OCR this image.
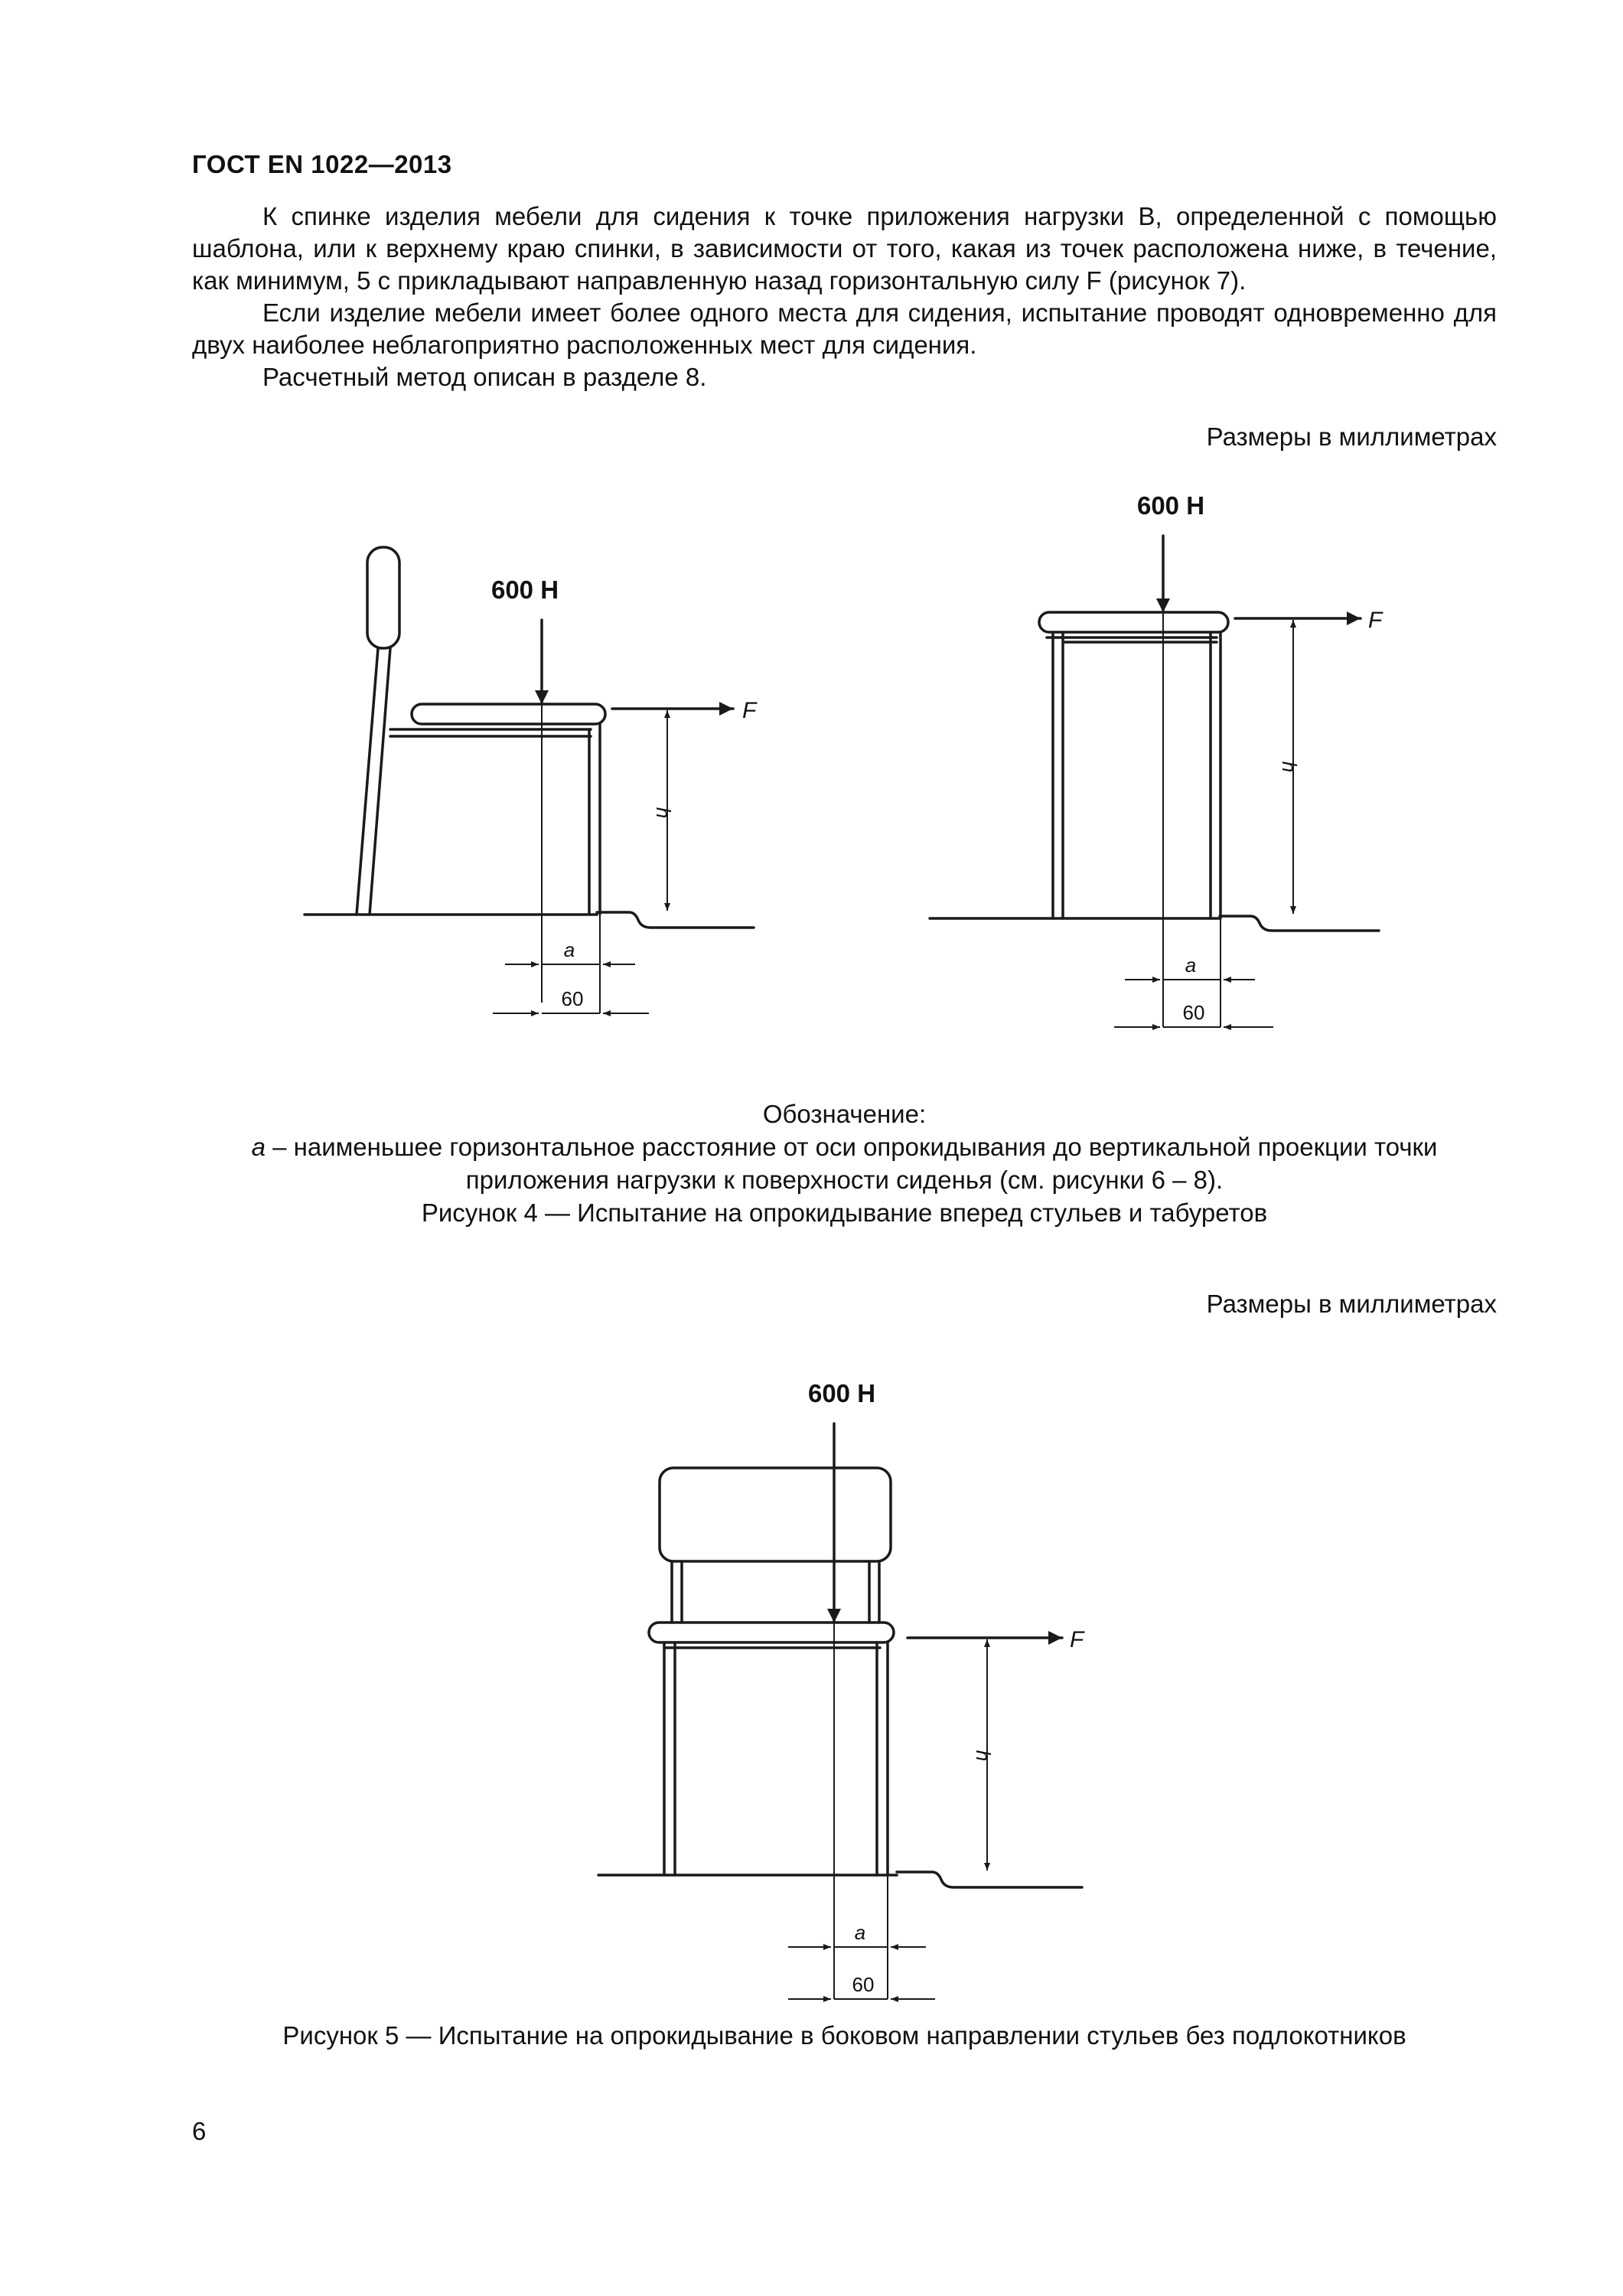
ГОСТ EN 1022—2013

К спинке изделия мебели для сидения к точке приложения нагрузки B, определенной с помощью шаблона, или к верхнему краю спинки, в зависимости от того, какая из точек расположена ниже, в течение, как минимум, 5 с прикладывают направленную назад горизонтальную силу F (рисунок 7).

Если изделие мебели имеет более одного места для сидения, испытание проводят одновременно для двух наиболее неблагоприятно расположенных мест для сидения.

Расчетный метод описан в разделе 8.

Размеры в миллиметрах
600 Н
F
h
a
60
600 Н
F
h
a
60
Обозначение:
a – наименьшее горизонтальное расстояние от оси опрокидывания до вертикальной проекции точки приложения нагрузки к поверхности сиденья (см. рисунки 6 – 8).
Рисунок 4 — Испытание на опрокидывание вперед стульев и табуретов
Размеры в миллиметрах
600 Н
F
h
a
60
Рисунок 5 — Испытание на опрокидывание в боковом направлении стульев без подлокотников
6
